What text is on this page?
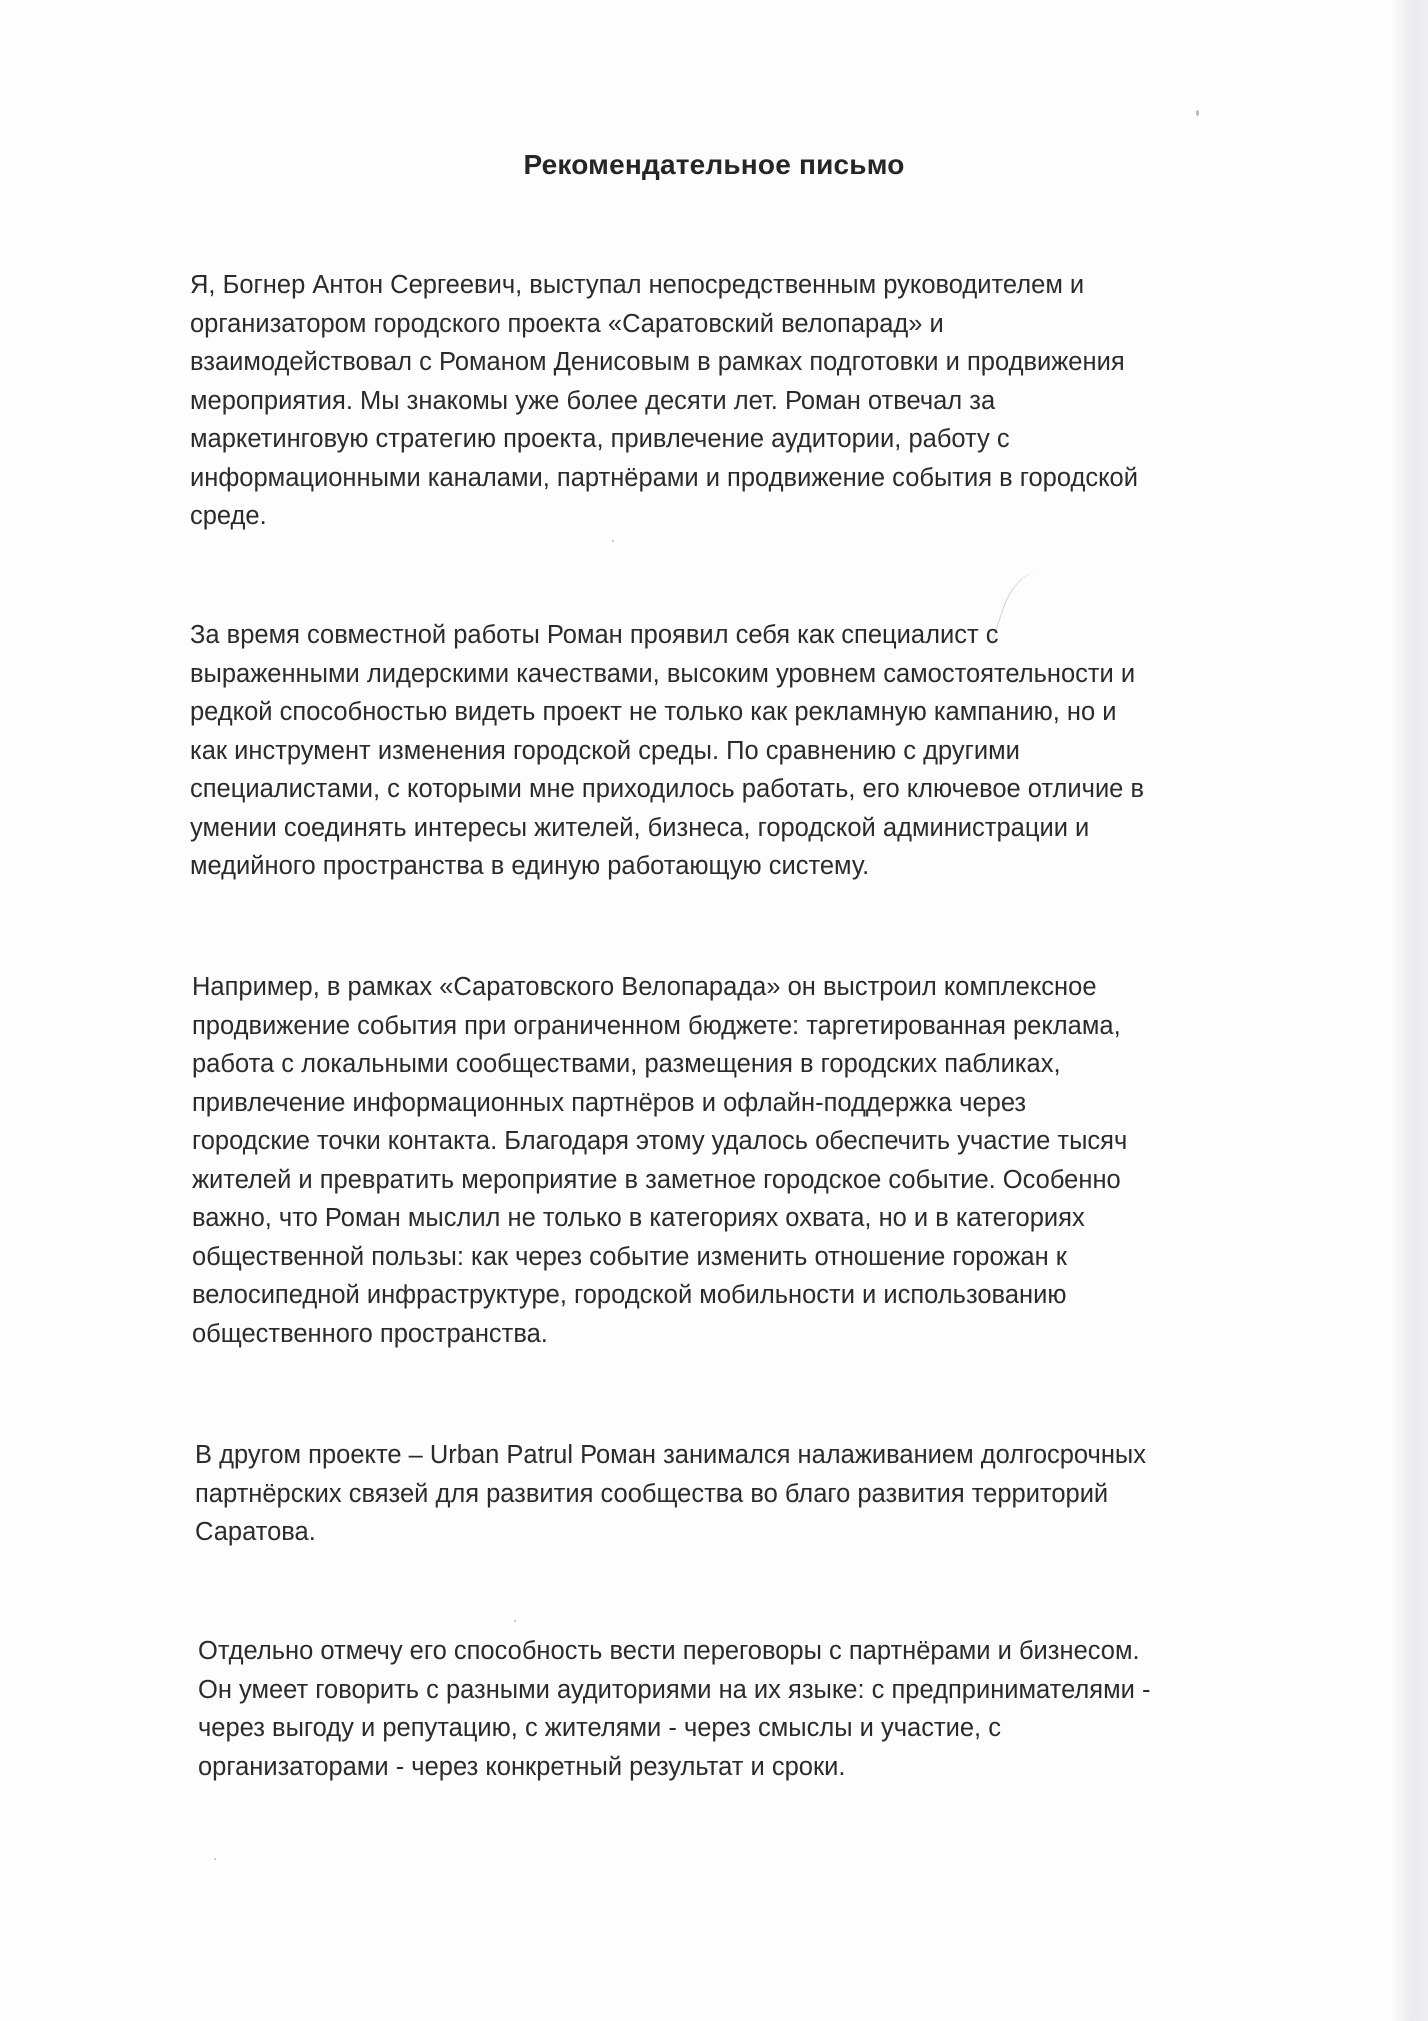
Рекомендательное письмо

Я, Богнер Антон Сергеевич, выступал непосредственным руководителем и
организатором городского проекта «Саратовский велопарад» и
взаимодействовал с Романом Денисовым в рамках подготовки и продвижения
мероприятия. Мы знакомы уже более десяти лет. Роман отвечал за
маркетинговую стратегию проекта, привлечение аудитории, работу с
информационными каналами, партнёрами и продвижение события в городской
среде.

За время совместной работы Роман проявил себя как специалист с
выраженными лидерскими качествами, высоким уровнем самостоятельности и
редкой способностью видеть проект не только как рекламную кампанию, но и
как инструмент изменения городской среды. По сравнению с другими
специалистами, с которыми мне приходилось работать, его ключевое отличие в
умении соединять интересы жителей, бизнеса, городской администрации и
медийного пространства в единую работающую систему.

Например, в рамках «Саратовского Велопарада» он выстроил комплексное
продвижение события при ограниченном бюджете: таргетированная реклама,
работа с локальными сообществами, размещения в городских пабликах,
привлечение информационных партнёров и офлайн-поддержка через
городские точки контакта. Благодаря этому удалось обеспечить участие тысяч
жителей и превратить мероприятие в заметное городское событие. Особенно
важно, что Роман мыслил не только в категориях охвата, но и в категориях
общественной пользы: как через событие изменить отношение горожан к
велосипедной инфраструктуре, городской мобильности и использованию
общественного пространства.

В другом проекте – Urban Patrul Роман занимался налаживанием долгосрочных
партнёрских связей для развития сообщества во благо развития территорий
Саратова.

Отдельно отмечу его способность вести переговоры с партнёрами и бизнесом.
Он умеет говорить с разными аудиториями на их языке: с предпринимателями -
через выгоду и репутацию, с жителями - через смыслы и участие, с
организаторами - через конкретный результат и сроки.
